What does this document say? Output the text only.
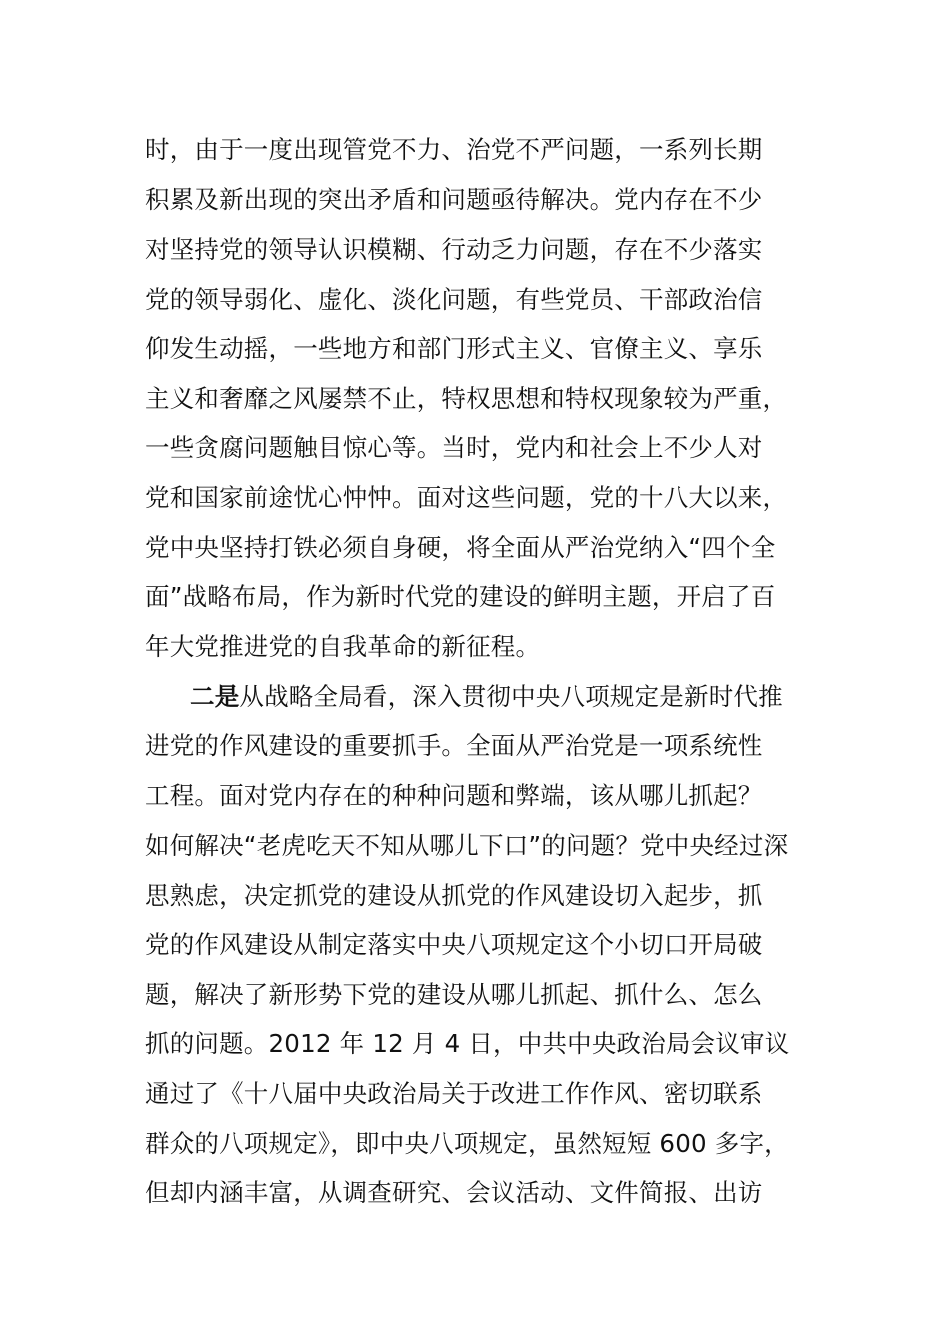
时，由于一度出现管党不力、治党不严问题，一系列长期
积累及新出现的突出矛盾和问题亟待解决。党内存在不少
对坚持党的领导认识模糊、行动乏力问题，存在不少落实
党的领导弱化、虚化、淡化问题，有些党员、干部政治信
仰发生动摇，一些地方和部门形式主义、官僚主义、享乐
主义和奢靡之风屡禁不止，特权思想和特权现象较为严重，
一些贪腐问题触目惊心等。当时，党内和社会上不少人对
党和国家前途忧心忡忡。面对这些问题，党的十八大以来，
党中央坚持打铁必须自身硬，将全面从严治党纳入“四个全
面”战略布局，作为新时代党的建设的鲜明主题，开启了百
年大党推进党的自我革命的新征程。
二是从战略全局看，深入贯彻中央八项规定是新时代推
进党的作风建设的重要抓手。全面从严治党是一项系统性
工程。面对党内存在的种种问题和弊端，该从哪儿抓起？
如何解决“老虎吃天不知从哪儿下口”的问题？党中央经过深
思熟虑，决定抓党的建设从抓党的作风建设切入起步，抓
党的作风建设从制定落实中央八项规定这个小切口开局破
题，解决了新形势下党的建设从哪儿抓起、抓什么、怎么
抓的问题。2012 年 12 月 4 日，中共中央政治局会议审议
通过了《十八届中央政治局关于改进工作作风、密切联系
群众的八项规定》，即中央八项规定，虽然短短 600 多字，
但却内涵丰富，从调查研究、会议活动、文件简报、出访
